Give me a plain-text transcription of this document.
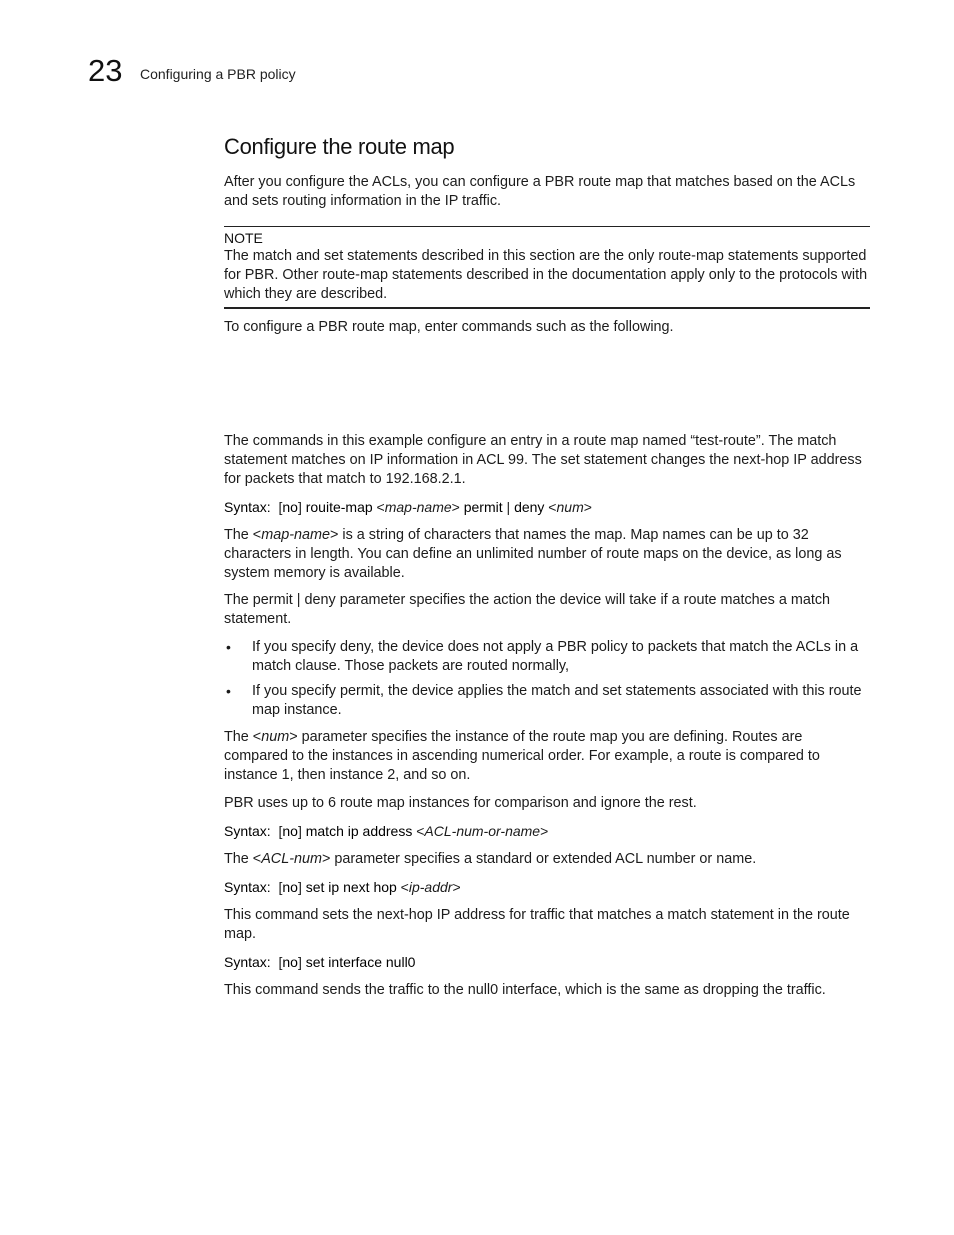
23 Configuring a PBR policy
Configure the route map

After you configure the ACLs, you can configure a PBR route map that matches based on the ACLs and sets routing information in the IP traffic.

NOTE

The match and set statements described in this section are the only route-map statements supported for PBR. Other route-map statements described in the documentation apply only to the protocols with which they are described.

To configure a PBR route map, enter commands such as the following.

The commands in this example configure an entry in a route map named “test-route”. The match statement matches on IP information in ACL 99. The set statement changes the next-hop IP address for packets that match to 192.168.2.1.

Syntax: [no] rouite-map <map-name> permit | deny <num>

The <map-name> is a string of characters that names the map. Map names can be up to 32 characters in length. You can define an unlimited number of route maps on the device, as long as system memory is available.

The permit | deny parameter specifies the action the device will take if a route matches a match statement.

• If you specify deny, the device does not apply a PBR policy to packets that match the ACLs in a match clause. Those packets are routed normally,
• If you specify permit, the device applies the match and set statements associated with this route map instance.

The <num> parameter specifies the instance of the route map you are defining. Routes are compared to the instances in ascending numerical order. For example, a route is compared to instance 1, then instance 2, and so on.

PBR uses up to 6 route map instances for comparison and ignore the rest.

Syntax: [no] match ip address <ACL-num-or-name>

The <ACL-num> parameter specifies a standard or extended ACL number or name.

Syntax: [no] set ip next hop <ip-addr>

This command sets the next-hop IP address for traffic that matches a match statement in the route map.

Syntax: [no] set interface null0

This command sends the traffic to the null0 interface, which is the same as dropping the traffic.
